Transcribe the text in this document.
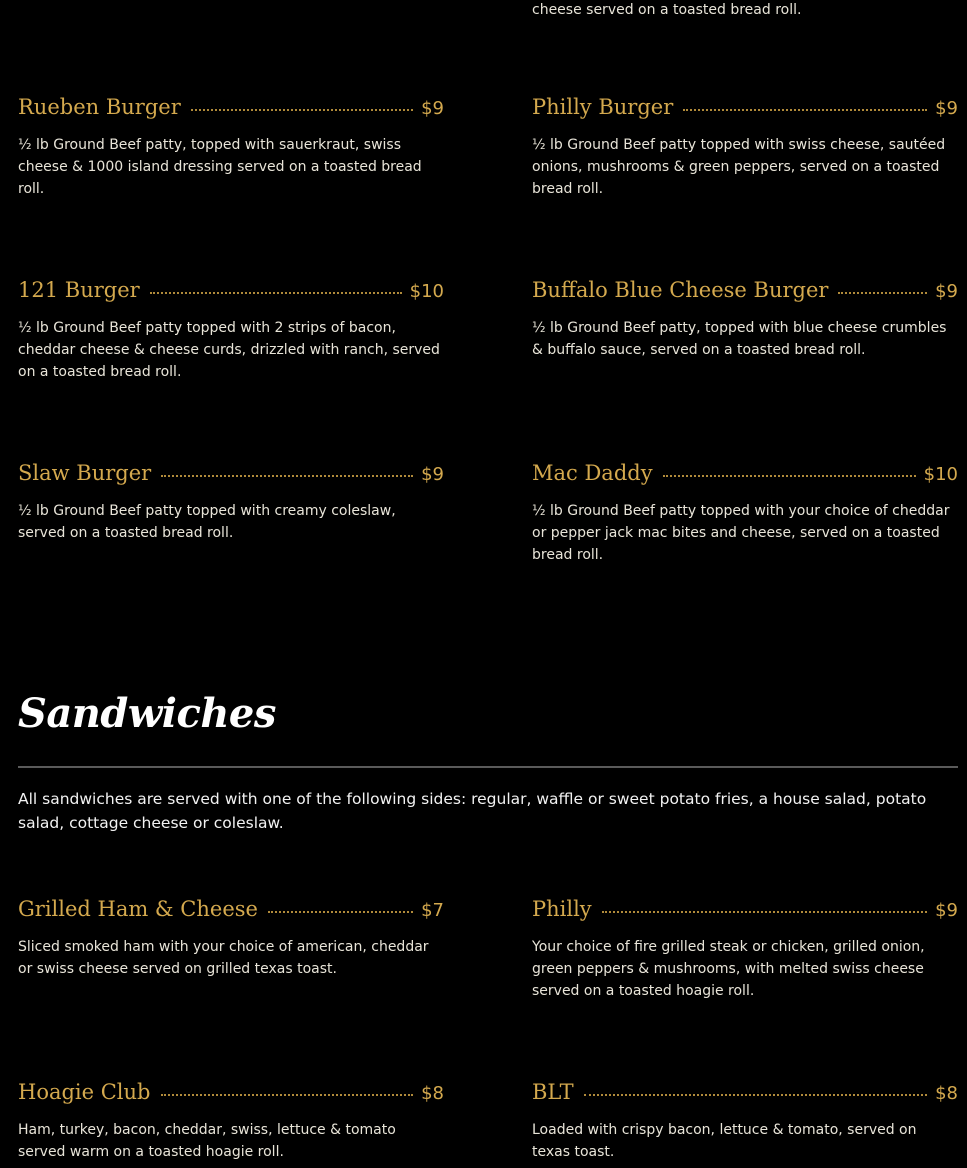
cheese served on a toasted bread roll.

Rueben Burger	$9

½ lb Ground Beef patty, topped with sauerkraut, swiss cheese & 1000 island dressing served on a toasted bread roll.

Philly Burger	$9

½ lb Ground Beef patty topped with swiss cheese, sautéed onions, mushrooms & green peppers, served on a toasted bread roll.

121 Burger	$10

½ lb Ground Beef patty topped with 2 strips of bacon, cheddar cheese & cheese curds, drizzled with ranch, served on a toasted bread roll.

Buffalo Blue Cheese Burger	$9

½ lb Ground Beef patty, topped with blue cheese crumbles & buffalo sauce, served on a toasted bread roll.

Slaw Burger	$9

½ lb Ground Beef patty topped with creamy coleslaw, served on a toasted bread roll.

Mac Daddy	$10

½ lb Ground Beef patty topped with your choice of cheddar or pepper jack mac bites and cheese, served on a toasted bread roll.

Sandwiches

All sandwiches are served with one of the following sides: regular, waffle or sweet potato fries, a house salad, potato salad, cottage cheese or coleslaw.

Grilled Ham & Cheese	$7

Sliced smoked ham with your choice of american, cheddar or swiss cheese served on grilled texas toast.

Philly	$9

Your choice of fire grilled steak or chicken, grilled onion, green peppers & mushrooms, with melted swiss cheese served on a toasted hoagie roll.

Hoagie Club	$8

Ham, turkey, bacon, cheddar, swiss, lettuce & tomato served warm on a toasted hoagie roll.

BLT	$8

Loaded with crispy bacon, lettuce & tomato, served on texas toast.
